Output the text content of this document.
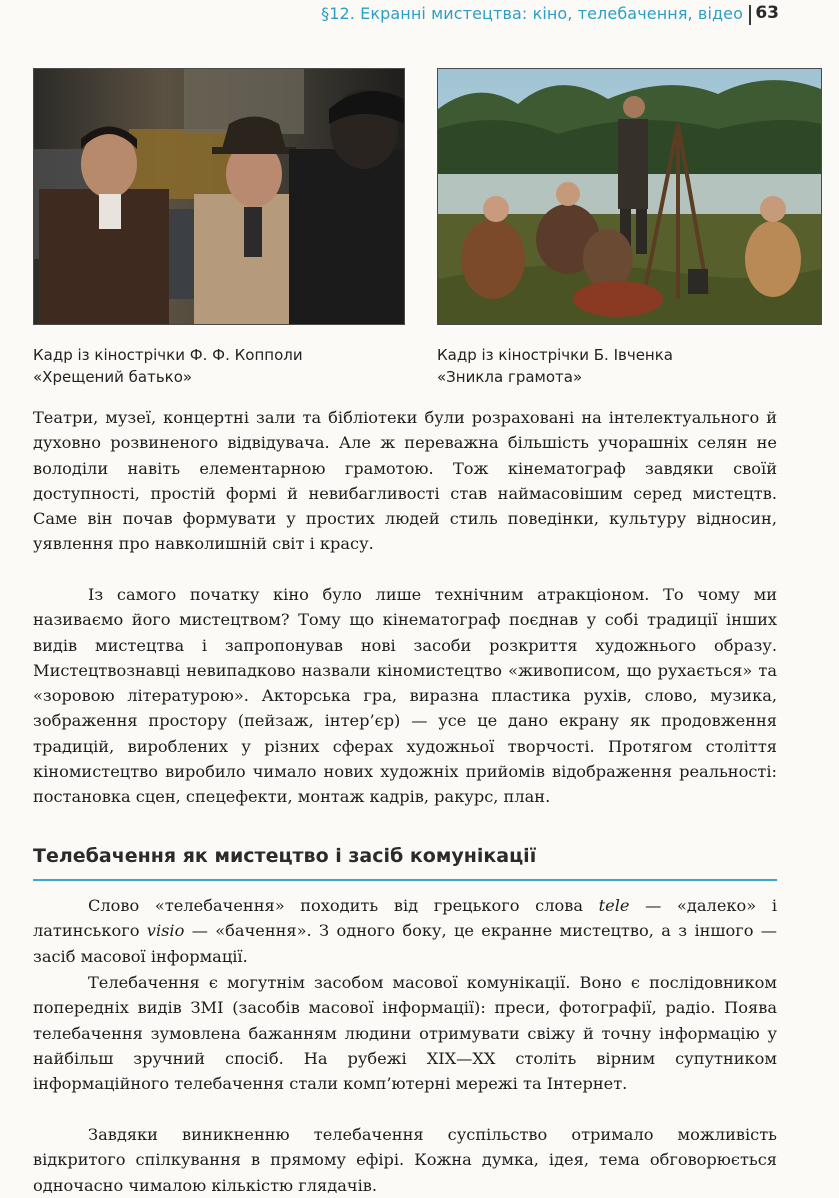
§12. Екранні мистецтва: кіно, телебачення, відео 63
Кадр із кінострічки Ф. Ф. Копполи
«Хрещений батько»
Кадр із кінострічки Б. Івченка
«Зникла грамота»

Театри, музеї, концертні зали та бібліотеки були розраховані на інтелектуального й духовно розвиненого відвідувача. Але ж переважна більшість учорашніх селян не володіли навіть елементарною грамотою. Тож кінематограф завдяки своїй доступності, простій формі й невибагливості став наймасовішим серед мистецтв. Саме він почав формувати у простих людей стиль поведінки, культуру відносин, уявлення про навколишній світ і красу.

Із самого початку кіно було лише технічним атракціоном. То чому ми називаємо його мистецтвом? Тому що кінематограф поєднав у собі традиції інших видів мистецтва і запропонував нові засоби розкриття художнього образу. Мистецтвознавці невипадково назвали кіномистецтво «живописом, що рухається» та «зоровою літературою». Акторська гра, виразна пластика рухів, слово, музика, зображення простору (пейзаж, інтер’єр) — усе це дано екрану як продовження традицій, вироблених у різних сферах художньої творчості. Протягом століття кіномистецтво виробило чимало нових художніх прийомів відображення реальності: постановка сцен, спецефекти, монтаж кадрів, ракурс, план.

Телебачення як мистецтво і засіб комунікації

Слово «телебачення» походить від грецького слова tele — «далеко» і латинського visio — «бачення». З одного боку, це екранне мистецтво, а з іншого — засіб масової інформації.

Телебачення є могутнім засобом масової комунікації. Воно є послідовником попередніх видів ЗМІ (засобів масової інформації): преси, фотографії, радіо. Поява телебачення зумовлена бажанням людини отримувати свіжу й точну інформацію у найбільш зручний спосіб. На рубежі XIX—XX століть вірним супутником інформаційного телебачення стали комп’ютерні мережі та Інтернет.

Завдяки виникненню телебачення суспільство отримало можливість відкритого спілкування в прямому ефірі. Кожна думка, ідея, тема обговорюється одночасно чималою кількістю глядачів.
